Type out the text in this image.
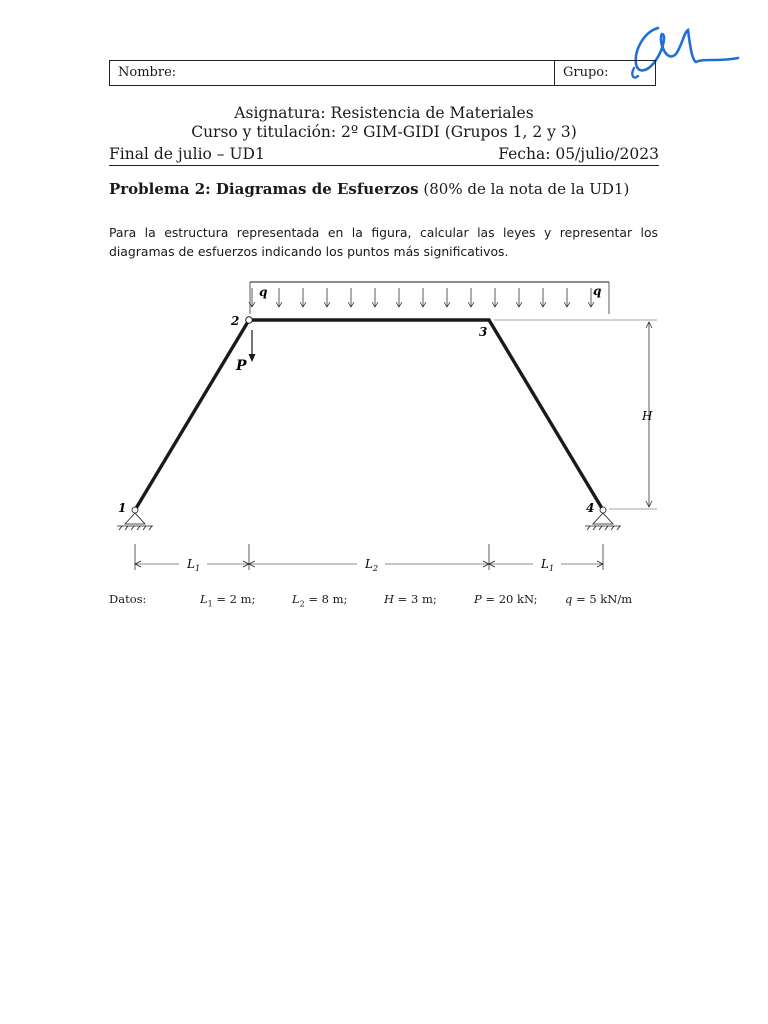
Nombre:	Grupo:
Asignatura: Resistencia de Materiales
Curso y titulación: 2º GIM-GIDI (Grupos 1, 2 y 3)
Final de julio – UD1	Fecha: 05/julio/2023
Problema 2: Diagramas de Esfuerzos (80% de la nota de la UD1)
Para la estructura representada en la figura, calcular las leyes y representar los diagramas de esfuerzos indicando los puntos más significativos.
q	q
2
3
1	4
P
H
$L_1$	$L_2$	$L_1$
Datos:	$L_1 = 2$ m;	$L_2 = 8$ m;	H = 3 m;	P = 20 kN; q = 5 kN/m
